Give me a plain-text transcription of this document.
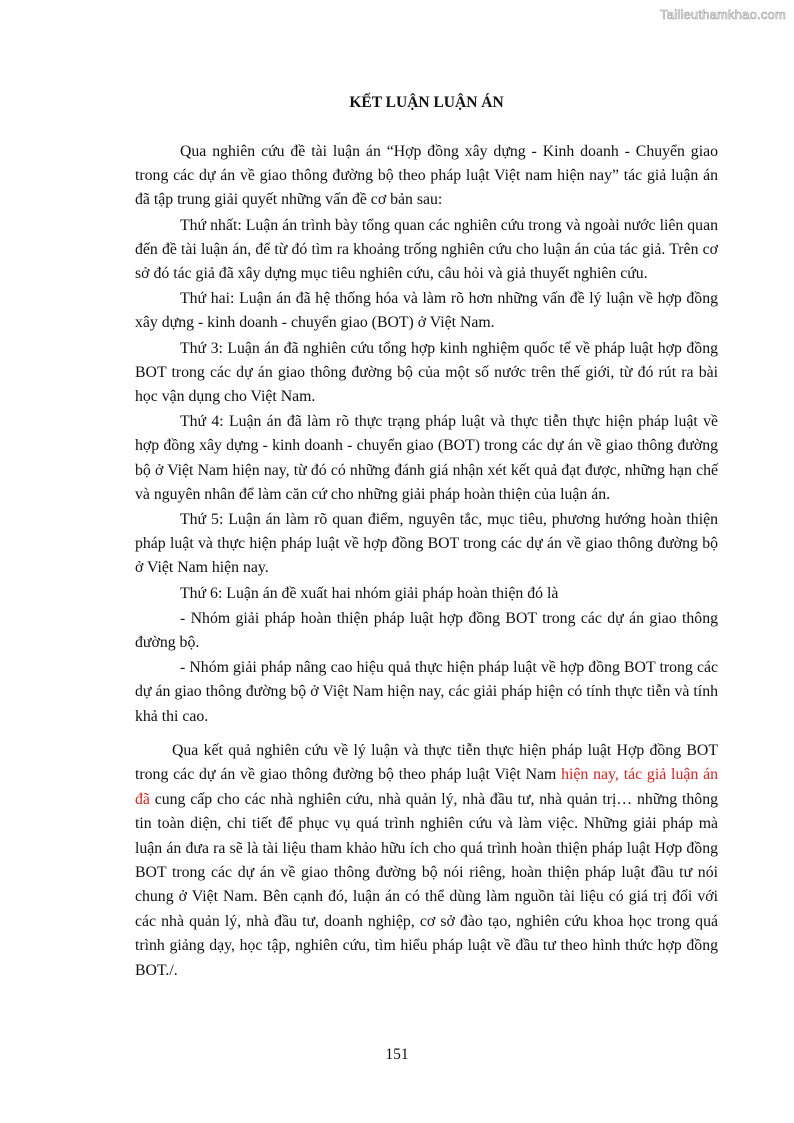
Tailieuthamkhao.com
KẾT LUẬN LUẬN ÁN

Qua nghiên cứu đề tài luận án “Hợp đồng xây dựng - Kinh doanh - Chuyển giao trong các dự án về giao thông đường bộ theo pháp luật Việt nam hiện nay” tác giả luận án đã tập trung giải quyết những vấn đề cơ bản sau:

Thứ nhất: Luận án trình bày tổng quan các nghiên cứu trong và ngoài nước liên quan đến đề tài luận án, để từ đó tìm ra khoảng trống nghiên cứu cho luận án của tác giả. Trên cơ sở đó tác giả đã xây dựng mục tiêu nghiên cứu, câu hỏi và giả thuyết nghiên cứu.

Thứ hai: Luận án đã hệ thống hóa và làm rõ hơn những vấn đề lý luận về hợp đồng xây dựng - kinh doanh - chuyển giao (BOT) ở Việt Nam.

Thứ 3: Luận án đã nghiên cứu tổng hợp kinh nghiệm quốc tế về pháp luật hợp đồng BOT trong các dự án giao thông đường bộ của một số nước trên thế giới, từ đó rút ra bài học vận dụng cho Việt Nam.

Thứ 4: Luận án đã làm rõ thực trạng pháp luật và thực tiễn thực hiện pháp luật về hợp đồng xây dựng - kinh doanh - chuyển giao (BOT) trong các dự án về giao thông đường bộ ở Việt Nam hiện nay, từ đó có những đánh giá nhận xét kết quả đạt được, những hạn chế và nguyên nhân để làm căn cứ cho những giải pháp hoàn thiện của luận án.

Thứ 5: Luận án làm rõ quan điểm, nguyên tắc, mục tiêu, phương hướng hoàn thiện pháp luật và thực hiện pháp luật về hợp đồng BOT trong các dự án về giao thông đường bộ ở Việt Nam hiện nay.

Thứ 6: Luận án đề xuất hai nhóm giải pháp hoàn thiện đó là

- Nhóm giải pháp hoàn thiện pháp luật hợp đồng BOT trong các dự án giao thông đường bộ.

- Nhóm giải pháp nâng cao hiệu quả thực hiện pháp luật về hợp đồng BOT trong các dự án giao thông đường bộ ở Việt Nam hiện nay, các giải pháp hiện có tính thực tiễn và tính khả thi cao.

Qua kết quả nghiên cứu về lý luận và thực tiễn thực hiện pháp luật Hợp đồng BOT trong các dự án về giao thông đường bộ theo pháp luật Việt Nam hiện nay, tác giả luận án đã cung cấp cho các nhà nghiên cứu, nhà quản lý, nhà đầu tư, nhà quản trị… những thông tin toàn diện, chi tiết để phục vụ quá trình nghiên cứu và làm việc. Những giải pháp mà luận án đưa ra sẽ là tài liệu tham khảo hữu ích cho quá trình hoàn thiện pháp luật Hợp đồng BOT trong các dự án về giao thông đường bộ nói riêng, hoàn thiện pháp luật đầu tư nói chung ở Việt Nam. Bên cạnh đó, luận án có thể dùng làm nguồn tài liệu có giá trị đối với các nhà quản lý, nhà đầu tư, doanh nghiệp, cơ sở đào tạo, nghiên cứu khoa học trong quá trình giảng dạy, học tập, nghiên cứu, tìm hiểu pháp luật về đầu tư theo hình thức hợp đồng BOT./.

151
